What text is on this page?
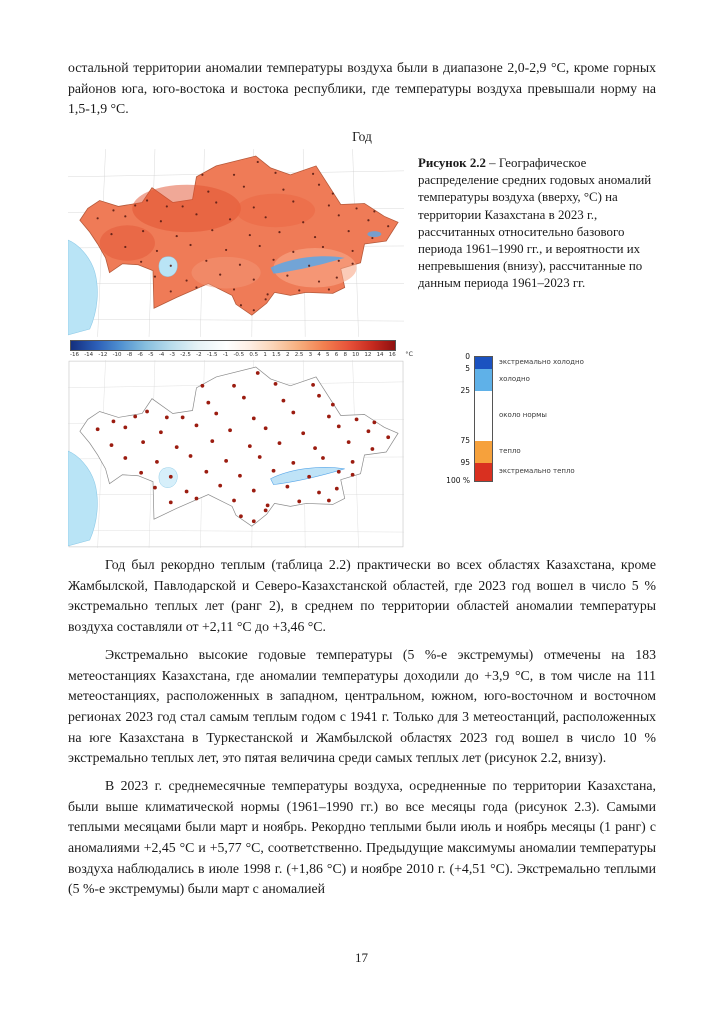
остальной территории аномалии температуры воздуха были в диапазоне 2,0-2,9 °С, кроме горных районов юга, юго-востока и востока республики, где температуры воздуха превышали норму на 1,5-1,9 °С.

Год
-16 -14 -12 -10 -8 -6 -5 -4 -3 -2.5 -2 -1.5 -1 -0.5 0.5 1 1.5 2 2.5 3 4 5 6 8 10 12 14 16 °C

Рисунок 2.2 – Географическое распределение средних годовых аномалий температуры воздуха (вверху, °С) на территории Казахстана в 2023 г., рассчитанных относительно базового периода 1961–1990 гг., и вероятности их непревышения (внизу), рассчитанные по данным периода 1961–2023 гг.

0
5
25
75
95
100 %
экстремально холодно
холодно
около нормы
тепло
экстремально тепло

Год был рекордно теплым (таблица 2.2) практически во всех областях Казахстана, кроме Жамбылской, Павлодарской и Северо-Казахстанской областей, где 2023 год вошел в число 5 % экстремально теплых лет (ранг 2), в среднем по территории областей аномалии температуры воздуха составляли от +2,11 °С до +3,46 °С.

Экстремально высокие годовые температуры (5 %-е экстремумы) отмечены на 183 метеостанциях Казахстана, где аномалии температуры доходили до +3,9 °С, в том числе на 111 метеостанциях, расположенных в западном, центральном, южном, юго-восточном и восточном регионах 2023 год стал самым теплым годом с 1941 г. Только для 3 метеостанций, расположенных на юге Казахстана в Туркестанской и Жамбылской областях 2023 год вошел в число 10 % экстремально теплых лет, это пятая величина среди самых теплых лет (рисунок 2.2, внизу).

В 2023 г. среднемесячные температуры воздуха, осредненные по территории Казахстана, были выше климатической нормы (1961–1990 гг.) во все месяцы года (рисунок 2.3). Самыми теплыми месяцами были март и ноябрь. Рекордно теплыми были июль и ноябрь месяцы (1 ранг) с аномалиями +2,45 °С и +5,77 °С, соответственно. Предыдущие максимумы аномалии температуры воздуха наблюдались в июле 1998 г. (+1,86 °С) и ноябре 2010 г. (+4,51 °С). Экстремально теплыми (5 %-е экстремумы) были март с аномалией

17
